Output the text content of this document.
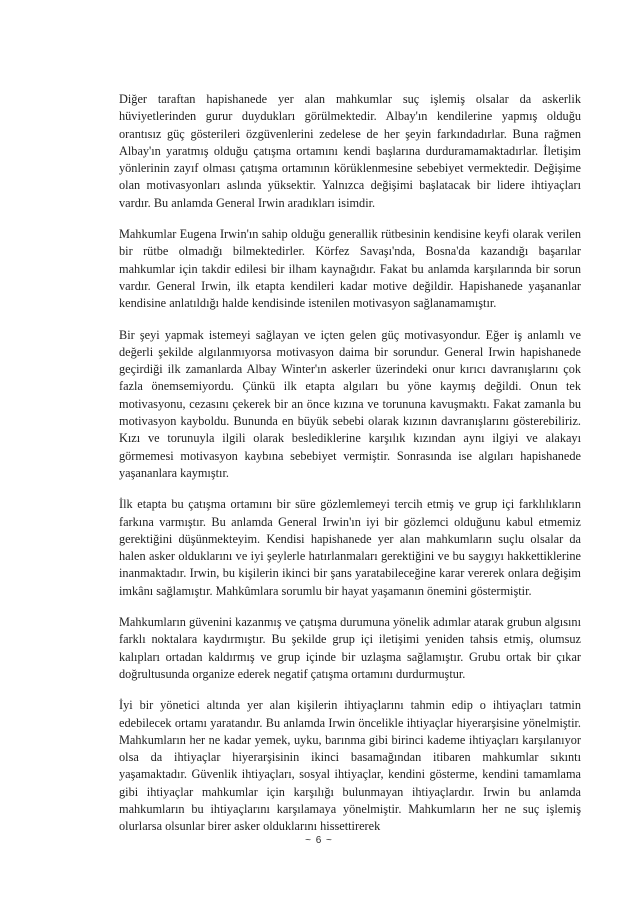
Diğer taraftan hapishanede yer alan mahkumlar suç işlemiş olsalar da askerlik hüviyetlerinden gurur duydukları görülmektedir. Albay'ın kendilerine yapmış olduğu orantısız güç gösterileri özgüvenlerini zedelese de her şeyin farkındadırlar. Buna rağmen Albay'ın yaratmış olduğu çatışma ortamını kendi başlarına durduramamaktadırlar. İletişim yönlerinin zayıf olması çatışma ortamının körüklenmesine sebebiyet vermektedir. Değişime olan motivasyonları aslında yüksektir. Yalnızca değişimi başlatacak bir lidere ihtiyaçları vardır. Bu anlamda General Irwin aradıkları isimdir.

Mahkumlar Eugena Irwin'ın sahip olduğu generallik rütbesinin kendisine keyfi olarak verilen bir rütbe olmadığı bilmektedirler. Körfez Savaşı'nda, Bosna'da kazandığı başarılar mahkumlar için takdir edilesi bir ilham kaynağıdır. Fakat bu anlamda karşılarında bir sorun vardır. General Irwin, ilk etapta kendileri kadar motive değildir. Hapishanede yaşananlar kendisine anlatıldığı halde kendisinde istenilen motivasyon sağlanamamıştır.

Bir şeyi yapmak istemeyi sağlayan ve içten gelen güç motivasyondur. Eğer iş anlamlı ve değerli şekilde algılanmıyorsa motivasyon daima bir sorundur. General Irwin hapishanede geçirdiği ilk zamanlarda Albay Winter'ın askerler üzerindeki onur kırıcı davranışlarını çok fazla önemsemiyordu. Çünkü ilk etapta algıları bu yöne kaymış değildi. Onun tek motivasyonu, cezasını çekerek bir an önce kızına ve torununa kavuşmaktı. Fakat zamanla bu motivasyon kayboldu. Bununda en büyük sebebi olarak kızının davranışlarını gösterebiliriz. Kızı ve torunuyla ilgili olarak beslediklerine karşılık kızından aynı ilgiyi ve alakayı görmemesi motivasyon kaybına sebebiyet vermiştir. Sonrasında ise algıları hapishanede yaşananlara kaymıştır.

İlk etapta bu çatışma ortamını bir süre gözlemlemeyi tercih etmiş ve grup içi farklılıkların farkına varmıştır. Bu anlamda General Irwin'ın iyi bir gözlemci olduğunu kabul etmemiz gerektiğini düşünmekteyim. Kendisi hapishanede yer alan mahkumların suçlu olsalar da halen asker olduklarını ve iyi şeylerle hatırlanmaları gerektiğini ve bu saygıyı hakkettiklerine inanmaktadır. Irwin, bu kişilerin ikinci bir şans yaratabileceğine karar vererek onlara değişim imkânı sağlamıştır. Mahkûmlara sorumlu bir hayat yaşamanın önemini göstermiştir.

Mahkumların güvenini kazanmış ve çatışma durumuna yönelik adımlar atarak grubun algısını farklı noktalara kaydırmıştır. Bu şekilde grup içi iletişimi yeniden tahsis etmiş, olumsuz kalıpları ortadan kaldırmış ve grup içinde bir uzlaşma sağlamıştır. Grubu ortak bir çıkar doğrultusunda organize ederek negatif çatışma ortamını durdurmuştur.

İyi bir yönetici altında yer alan kişilerin ihtiyaçlarını tahmin edip o ihtiyaçları tatmin edebilecek ortamı yaratandır. Bu anlamda Irwin öncelikle ihtiyaçlar hiyerarşisine yönelmiştir. Mahkumların her ne kadar yemek, uyku, barınma gibi birinci kademe ihtiyaçları karşılanıyor olsa da ihtiyaçlar hiyerarşisinin ikinci basamağından itibaren mahkumlar sıkıntı yaşamaktadır. Güvenlik ihtiyaçları, sosyal ihtiyaçlar, kendini gösterme, kendini tamamlama gibi ihtiyaçlar mahkumlar için karşılığı bulunmayan ihtiyaçlardır. Irwin bu anlamda mahkumların bu ihtiyaçlarını karşılamaya yönelmiştir. Mahkumların her ne suç işlemiş olurlarsa olsunlar birer asker olduklarını hissettirerek

~ 6 ~
